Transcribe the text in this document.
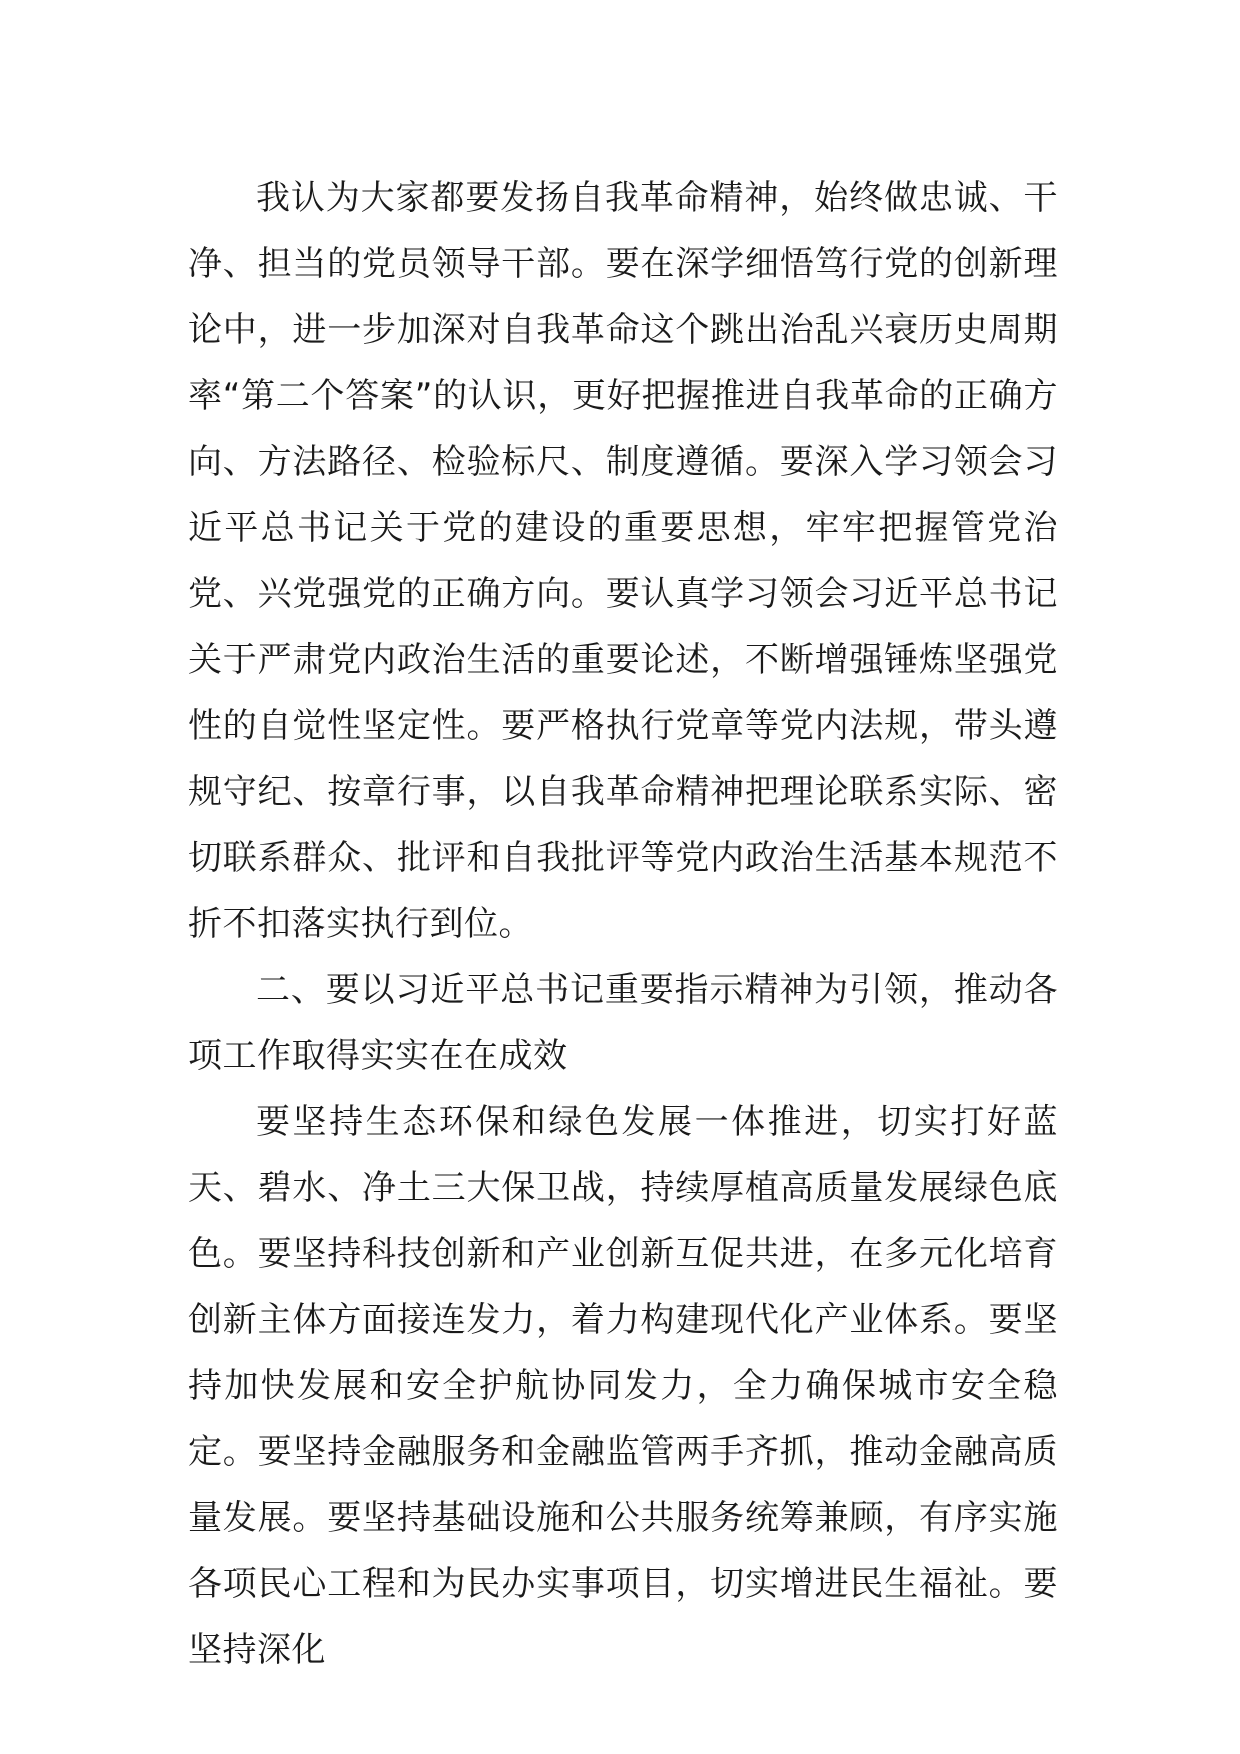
我认为大家都要发扬自我革命精神，始终做忠诚、干净、担当的党员领导干部。要在深学细悟笃行党的创新理论中，进一步加深对自我革命这个跳出治乱兴衰历史周期率“第二个答案”的认识，更好把握推进自我革命的正确方向、方法路径、检验标尺、制度遵循。要深入学习领会习近平总书记关于党的建设的重要思想，牢牢把握管党治党、兴党强党的正确方向。要认真学习领会习近平总书记关于严肃党内政治生活的重要论述，不断增强锤炼坚强党性的自觉性坚定性。要严格执行党章等党内法规，带头遵规守纪、按章行事，以自我革命精神把理论联系实际、密切联系群众、批评和自我批评等党内政治生活基本规范不折不扣落实执行到位。

二、要以习近平总书记重要指示精神为引领，推动各项工作取得实实在在成效

要坚持生态环保和绿色发展一体推进，切实打好蓝天、碧水、净土三大保卫战，持续厚植高质量发展绿色底色。要坚持科技创新和产业创新互促共进，在多元化培育创新主体方面接连发力，着力构建现代化产业体系。要坚持加快发展和安全护航协同发力，全力确保城市安全稳定。要坚持金融服务和金融监管两手齐抓，推动金融高质量发展。要坚持基础设施和公共服务统筹兼顾，有序实施各项民心工程和为民办实事项目，切实增进民生福祉。要坚持深化
